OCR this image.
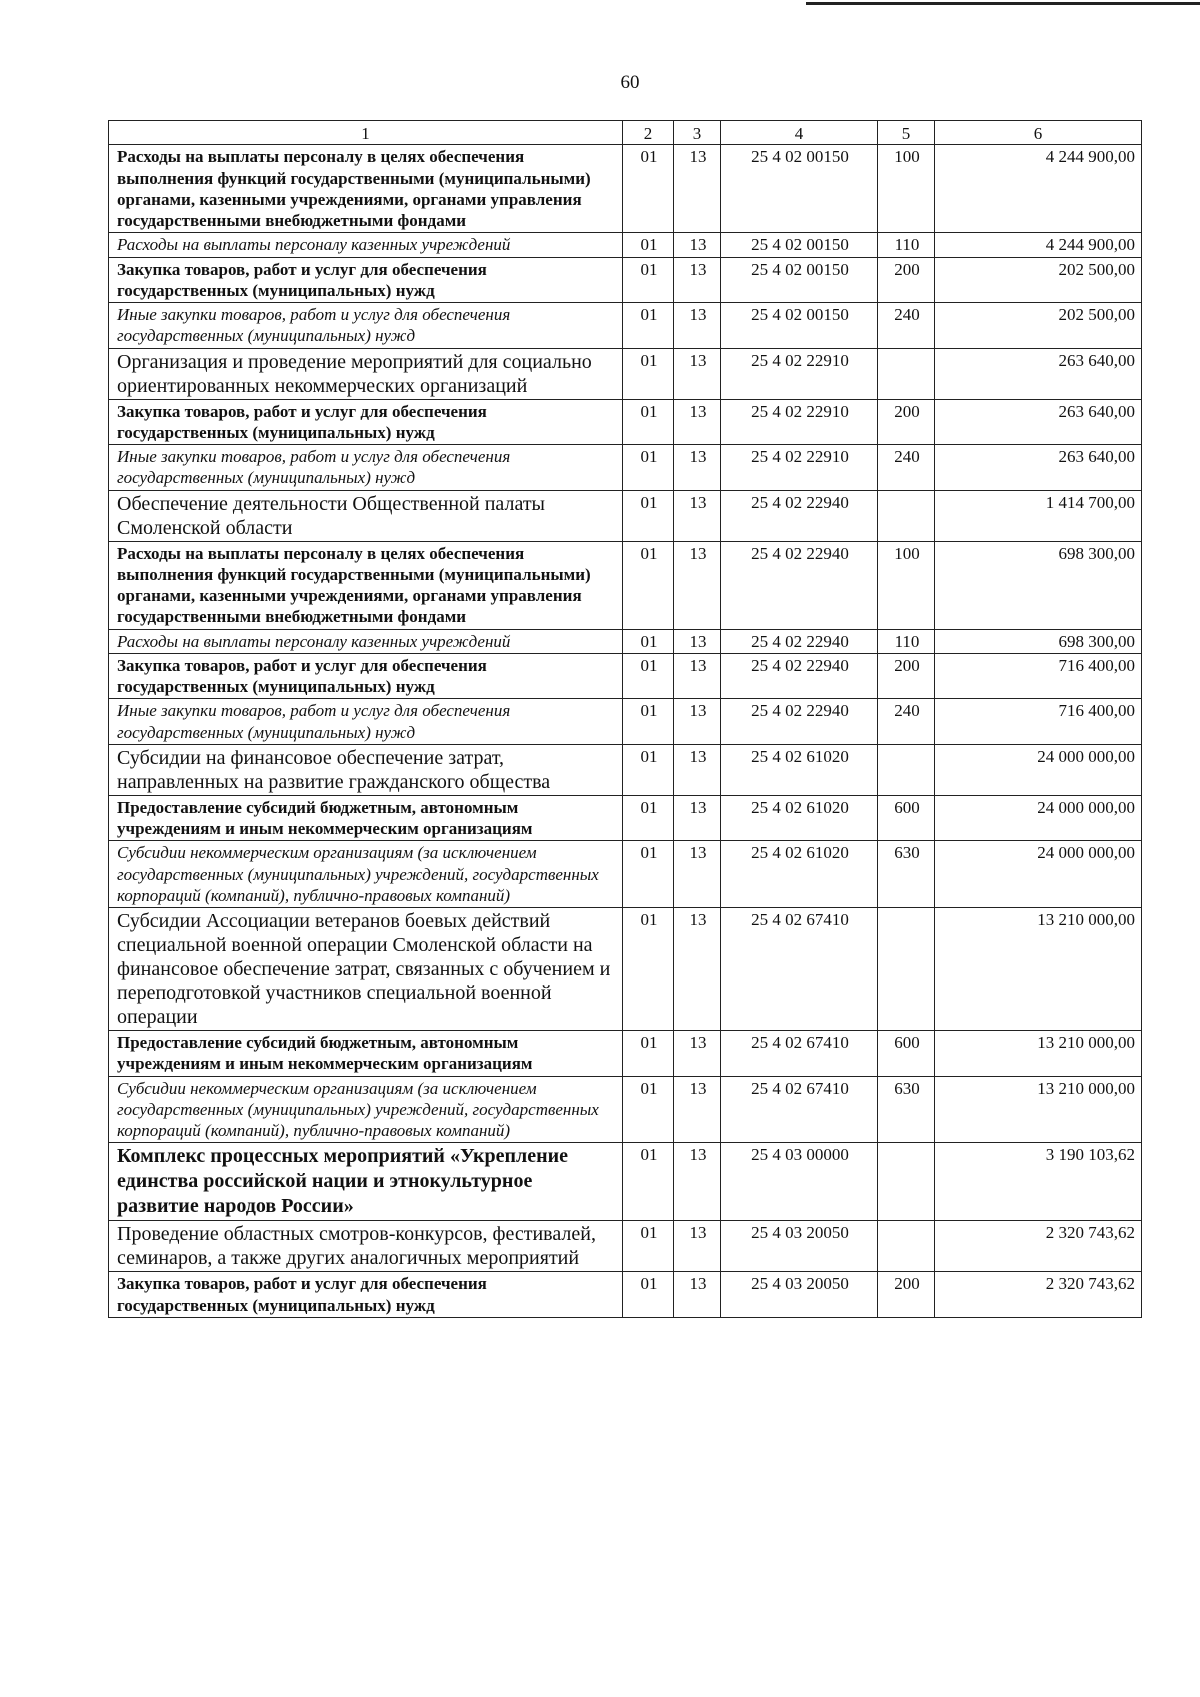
60
1	2	3	4	5	6
Расходы на выплаты персоналу в целях обеспечения выполнения функций государственными (муниципальными) органами, казенными учреждениями, органами управления государственными внебюджетными фондами	01	13	25 4 02 00150	100	4 244 900,00
Расходы на выплаты персоналу казенных учреждений	01	13	25 4 02 00150	110	4 244 900,00
Закупка товаров, работ и услуг для обеспечения государственных (муниципальных) нужд	01	13	25 4 02 00150	200	202 500,00
Иные закупки товаров, работ и услуг для обеспечения государственных (муниципальных) нужд	01	13	25 4 02 00150	240	202 500,00
Организация и проведение мероприятий для социально ориентированных некоммерческих организаций	01	13	25 4 02 22910		263 640,00
Закупка товаров, работ и услуг для обеспечения государственных (муниципальных) нужд	01	13	25 4 02 22910	200	263 640,00
Иные закупки товаров, работ и услуг для обеспечения государственных (муниципальных) нужд	01	13	25 4 02 22910	240	263 640,00
Обеспечение деятельности Общественной палаты Смоленской области	01	13	25 4 02 22940		1 414 700,00
Расходы на выплаты персоналу в целях обеспечения выполнения функций государственными (муниципальными) органами, казенными учреждениями, органами управления государственными внебюджетными фондами	01	13	25 4 02 22940	100	698 300,00
Расходы на выплаты персоналу казенных учреждений	01	13	25 4 02 22940	110	698 300,00
Закупка товаров, работ и услуг для обеспечения государственных (муниципальных) нужд	01	13	25 4 02 22940	200	716 400,00
Иные закупки товаров, работ и услуг для обеспечения государственных (муниципальных) нужд	01	13	25 4 02 22940	240	716 400,00
Субсидии на финансовое обеспечение затрат, направленных на развитие гражданского общества	01	13	25 4 02 61020		24 000 000,00
Предоставление субсидий бюджетным, автономным учреждениям и иным некоммерческим организациям	01	13	25 4 02 61020	600	24 000 000,00
Субсидии некоммерческим организациям (за исключением государственных (муниципальных) учреждений, государственных корпораций (компаний), публично-правовых компаний)	01	13	25 4 02 61020	630	24 000 000,00
Субсидии Ассоциации ветеранов боевых действий специальной военной операции Смоленской области на финансовое обеспечение затрат, связанных с обучением и переподготовкой участников специальной военной операции	01	13	25 4 02 67410		13 210 000,00
Предоставление субсидий бюджетным, автономным учреждениям и иным некоммерческим организациям	01	13	25 4 02 67410	600	13 210 000,00
Субсидии некоммерческим организациям (за исключением государственных (муниципальных) учреждений, государственных корпораций (компаний), публично-правовых компаний)	01	13	25 4 02 67410	630	13 210 000,00
Комплекс процессных мероприятий «Укрепление единства российской нации и этнокультурное развитие народов России»	01	13	25 4 03 00000		3 190 103,62
Проведение областных смотров-конкурсов, фестивалей, семинаров, а также других аналогичных мероприятий	01	13	25 4 03 20050		2 320 743,62
Закупка товаров, работ и услуг для обеспечения государственных (муниципальных) нужд	01	13	25 4 03 20050	200	2 320 743,62
